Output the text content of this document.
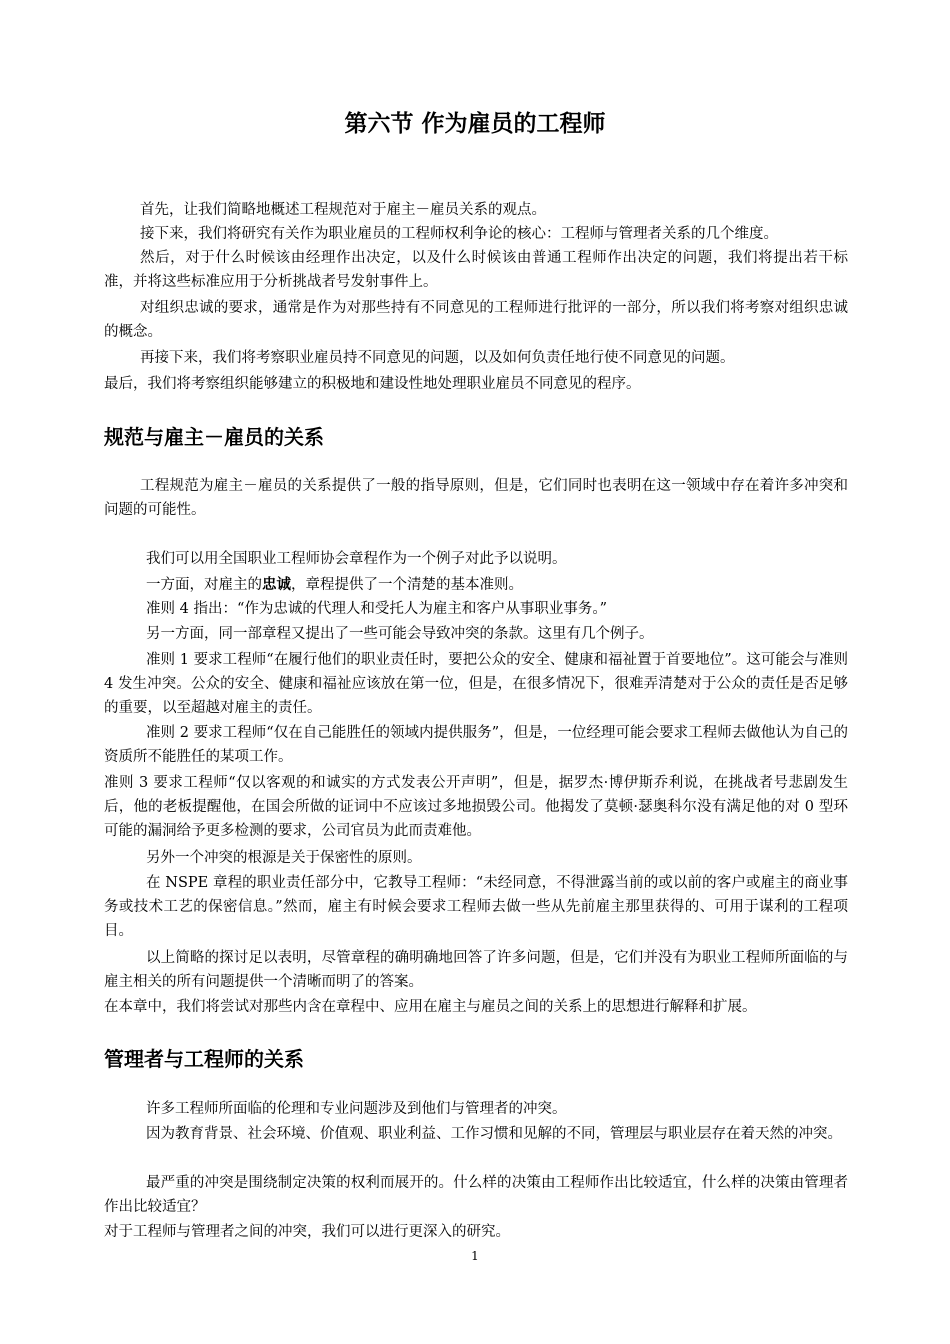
第六节 作为雇员的工程师

首先，让我们简略地概述工程规范对于雇主－雇员关系的观点。

接下来，我们将研究有关作为职业雇员的工程师权利争论的核心：工程师与管理者关系的几个维度。

然后，对于什么时候该由经理作出决定，以及什么时候该由普通工程师作出决定的问题，我们将提出若干标准，并将这些标准应用于分析挑战者号发射事件上。

对组织忠诚的要求，通常是作为对那些持有不同意见的工程师进行批评的一部分，所以我们将考察对组织忠诚的概念。

再接下来，我们将考察职业雇员持不同意见的问题，以及如何负责任地行使不同意见的问题。

最后，我们将考察组织能够建立的积极地和建设性地处理职业雇员不同意见的程序。

规范与雇主－雇员的关系

工程规范为雇主－雇员的关系提供了一般的指导原则，但是，它们同时也表明在这一领域中存在着许多冲突和问题的可能性。

我们可以用全国职业工程师协会章程作为一个例子对此予以说明。

一方面，对雇主的忠诚，章程提供了一个清楚的基本准则。

准则 4 指出：“作为忠诚的代理人和受托人为雇主和客户从事职业事务。”

另一方面，同一部章程又提出了一些可能会导致冲突的条款。这里有几个例子。

准则 1 要求工程师“在履行他们的职业责任时，要把公众的安全、健康和福祉置于首要地位”。这可能会与准则 4 发生冲突。公众的安全、健康和福祉应该放在第一位，但是，在很多情况下，很难弄清楚对于公众的责任是否足够的重要，以至超越对雇主的责任。

准则 2 要求工程师“仅在自己能胜任的领域内提供服务”，但是，一位经理可能会要求工程师去做他认为自己的资质所不能胜任的某项工作。

准则 3 要求工程师“仅以客观的和诚实的方式发表公开声明”，但是，据罗杰·博伊斯乔利说，在挑战者号悲剧发生后，他的老板提醒他，在国会所做的证词中不应该过多地损毁公司。他揭发了莫顿·瑟奥科尔没有满足他的对 0 型环可能的漏洞给予更多检测的要求，公司官员为此而责难他。

另外一个冲突的根源是关于保密性的原则。

在 NSPE 章程的职业责任部分中，它教导工程师：“未经同意，不得泄露当前的或以前的客户或雇主的商业事务或技术工艺的保密信息。”然而，雇主有时候会要求工程师去做一些从先前雇主那里获得的、可用于谋利的工程项目。

以上简略的探讨足以表明，尽管章程的确明确地回答了许多问题，但是，它们并没有为职业工程师所面临的与雇主相关的所有问题提供一个清晰而明了的答案。

在本章中，我们将尝试对那些内含在章程中、应用在雇主与雇员之间的关系上的思想进行解释和扩展。

管理者与工程师的关系

许多工程师所面临的伦理和专业问题涉及到他们与管理者的冲突。

因为教育背景、社会环境、价值观、职业利益、工作习惯和见解的不同，管理层与职业层存在着天然的冲突。

最严重的冲突是围绕制定决策的权利而展开的。什么样的决策由工程师作出比较适宜，什么样的决策由管理者作出比较适宜？

对于工程师与管理者之间的冲突，我们可以进行更深入的研究。

1
